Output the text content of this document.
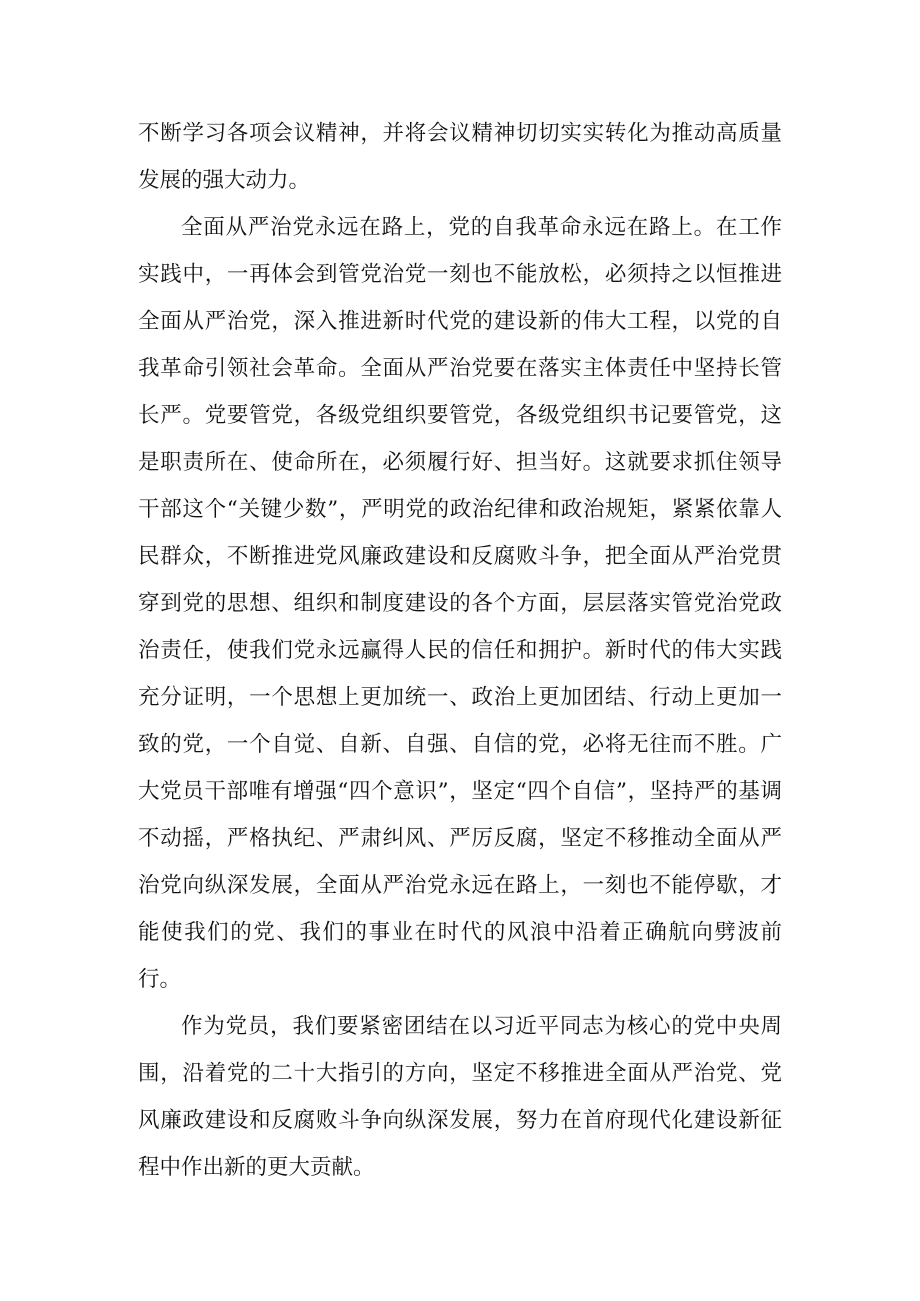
不断学习各项会议精神，并将会议精神切切实实转化为推动高质量发展的强大动力。

全面从严治党永远在路上，党的自我革命永远在路上。在工作实践中，一再体会到管党治党一刻也不能放松，必须持之以恒推进全面从严治党，深入推进新时代党的建设新的伟大工程，以党的自我革命引领社会革命。全面从严治党要在落实主体责任中坚持长管长严。党要管党，各级党组织要管党，各级党组织书记要管党，这是职责所在、使命所在，必须履行好、担当好。这就要求抓住领导干部这个“关键少数”，严明党的政治纪律和政治规矩，紧紧依靠人民群众，不断推进党风廉政建设和反腐败斗争，把全面从严治党贯穿到党的思想、组织和制度建设的各个方面，层层落实管党治党政治责任，使我们党永远赢得人民的信任和拥护。新时代的伟大实践充分证明，一个思想上更加统一、政治上更加团结、行动上更加一致的党，一个自觉、自新、自强、自信的党，必将无往而不胜。广大党员干部唯有增强“四个意识”，坚定“四个自信”，坚持严的基调不动摇，严格执纪、严肃纠风、严厉反腐，坚定不移推动全面从严治党向纵深发展，全面从严治党永远在路上，一刻也不能停歇，才能使我们的党、我们的事业在时代的风浪中沿着正确航向劈波前行。

作为党员，我们要紧密团结在以习近平同志为核心的党中央周围，沿着党的二十大指引的方向，坚定不移推进全面从严治党、党风廉政建设和反腐败斗争向纵深发展，努力在首府现代化建设新征程中作出新的更大贡献。
